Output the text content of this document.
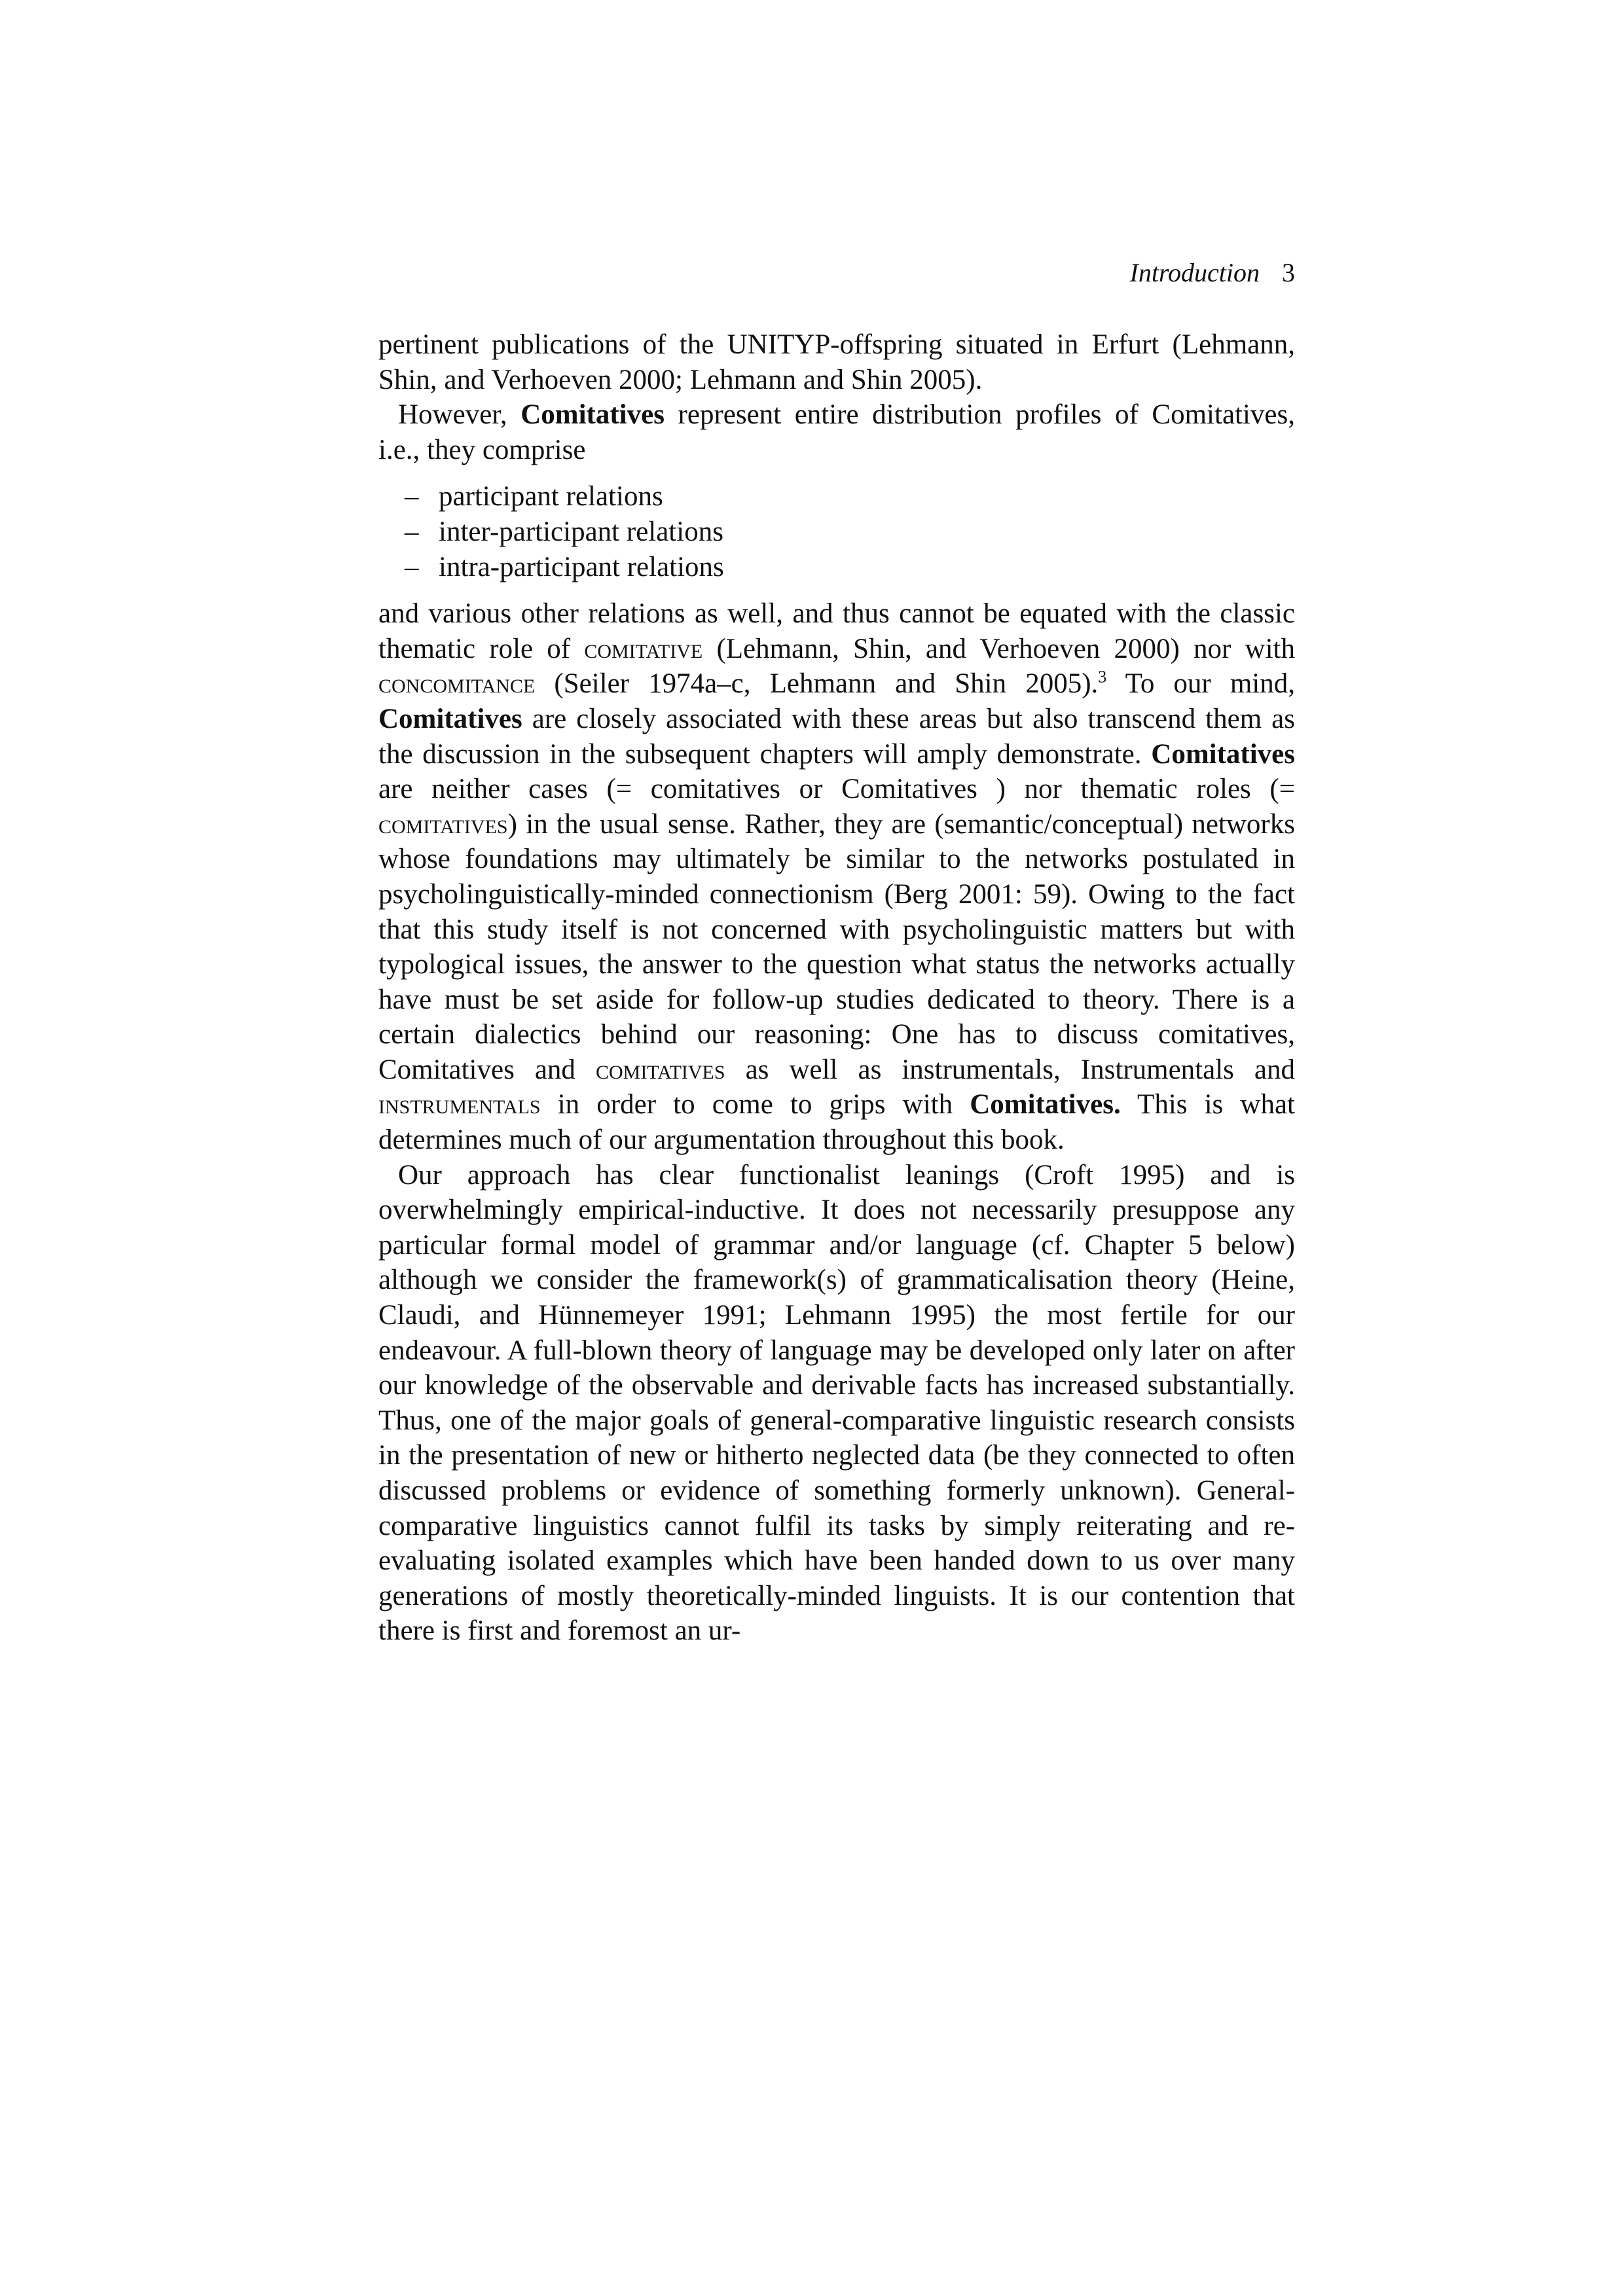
Introduction 3

pertinent publications of the UNITYP-offspring situated in Erfurt (Lehmann, Shin, and Verhoeven 2000; Lehmann and Shin 2005).

However, Comitatives represent entire distribution profiles of Comitatives, i.e., they comprise

– participant relations
– inter-participant relations
– intra-participant relations

and various other relations as well, and thus cannot be equated with the classic thematic role of comitative (Lehmann, Shin, and Verhoeven 2000) nor with concomitance (Seiler 1974a–c, Lehmann and Shin 2005).$^3$ To our mind, Comitatives are closely associated with these areas but also transcend them as the discussion in the subsequent chapters will amply demonstrate. Comitatives are neither cases (= comitatives or Comitatives ) nor thematic roles (= comitatives) in the usual sense. Rather, they are (semantic/conceptual) networks whose foundations may ultimately be similar to the networks postulated in psycholinguistically-minded connectionism (Berg 2001: 59). Owing to the fact that this study itself is not concerned with psycholinguistic matters but with typological issues, the answer to the question what status the networks actually have must be set aside for follow-up studies dedicated to theory. There is a certain dialectics behind our reasoning: One has to discuss comitatives, Comitatives and comitatives as well as instrumentals, Instrumentals and instrumentals in order to come to grips with Comitatives. This is what determines much of our argumentation throughout this book.

Our approach has clear functionalist leanings (Croft 1995) and is overwhelmingly empirical-inductive. It does not necessarily presuppose any particular formal model of grammar and/or language (cf. Chapter 5 below) although we consider the framework(s) of grammaticalisation theory (Heine, Claudi, and Hünnemeyer 1991; Lehmann 1995) the most fertile for our endeavour. A full-blown theory of language may be developed only later on after our knowledge of the observable and derivable facts has increased substantially. Thus, one of the major goals of general-comparative linguistic research consists in the presentation of new or hitherto neglected data (be they connected to often discussed problems or evidence of something formerly unknown). General-comparative linguistics cannot fulfil its tasks by simply reiterating and re-evaluating isolated examples which have been handed down to us over many generations of mostly theoretically-minded linguists. It is our contention that there is first and foremost an ur-
